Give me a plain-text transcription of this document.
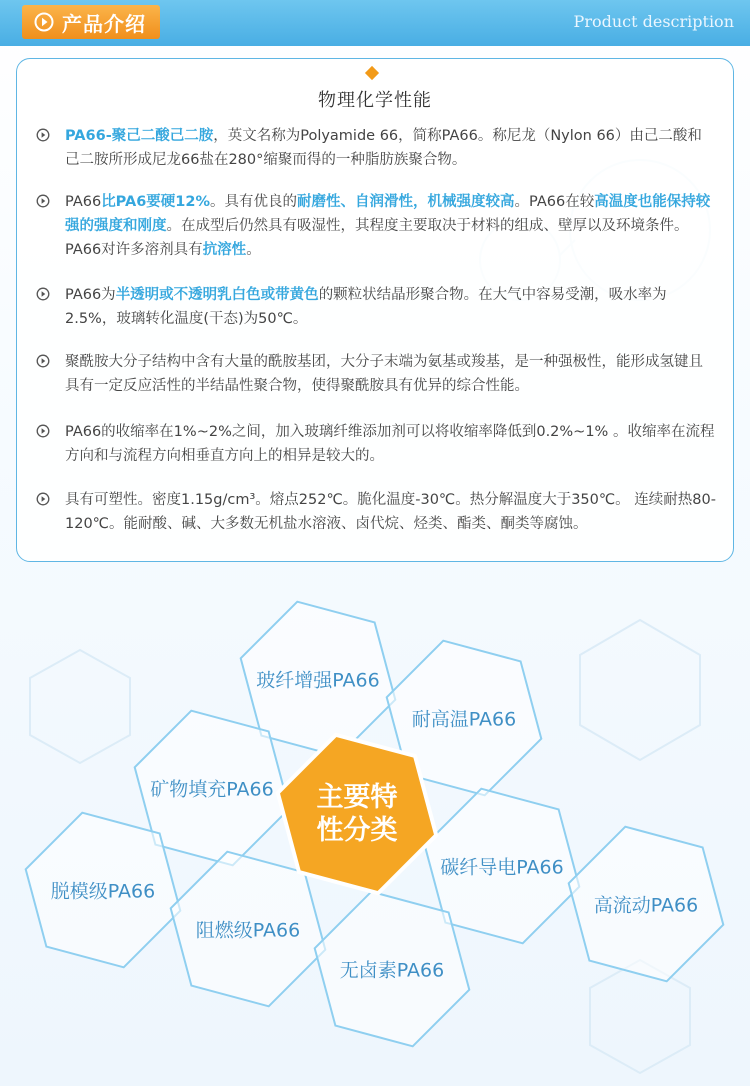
产品介绍	Product description
物理化学性能
PA66-聚己二酸己二胺，英文名称为Polyamide 66，简称PA66。称尼龙（Nylon 66）由己二酸和己二胺所形成尼龙66盐在280°缩聚而得的一种脂肪族聚合物。
PA66比PA6要硬12%。具有优良的耐磨性、自润滑性，机械强度较高。PA66在较高温度也能保持较强的强度和刚度。在成型后仍然具有吸湿性，其程度主要取决于材料的组成、壁厚以及环境条件。PA66对许多溶剂具有抗溶性。
PA66为半透明或不透明乳白色或带黄色的颗粒状结晶形聚合物。在大气中容易受潮，吸水率为2.5%，玻璃转化温度(干态)为50℃。
聚酰胺大分子结构中含有大量的酰胺基团，大分子末端为氨基或羧基，是一种强极性，能形成氢键且具有一定反应活性的半结晶性聚合物，使得聚酰胺具有优异的综合性能。
PA66的收缩率在1%~2%之间，加入玻璃纤维添加剂可以将收缩率降低到0.2%~1% 。收缩率在流程方向和与流程方向相垂直方向上的相异是较大的。
具有可塑性。密度1.15g/cm³。熔点252℃。脆化温度-30℃。热分解温度大于350℃。 连续耐热80-120℃。能耐酸、碱、大多数无机盐水溶液、卤代烷、烃类、酯类、酮类等腐蚀。
玻纤增强PA66
耐高温PA66
矿物填充PA66
碳纤导电PA66
脱模级PA66
阻燃级PA66
无卤素PA66
高流动PA66
主要特
性分类
